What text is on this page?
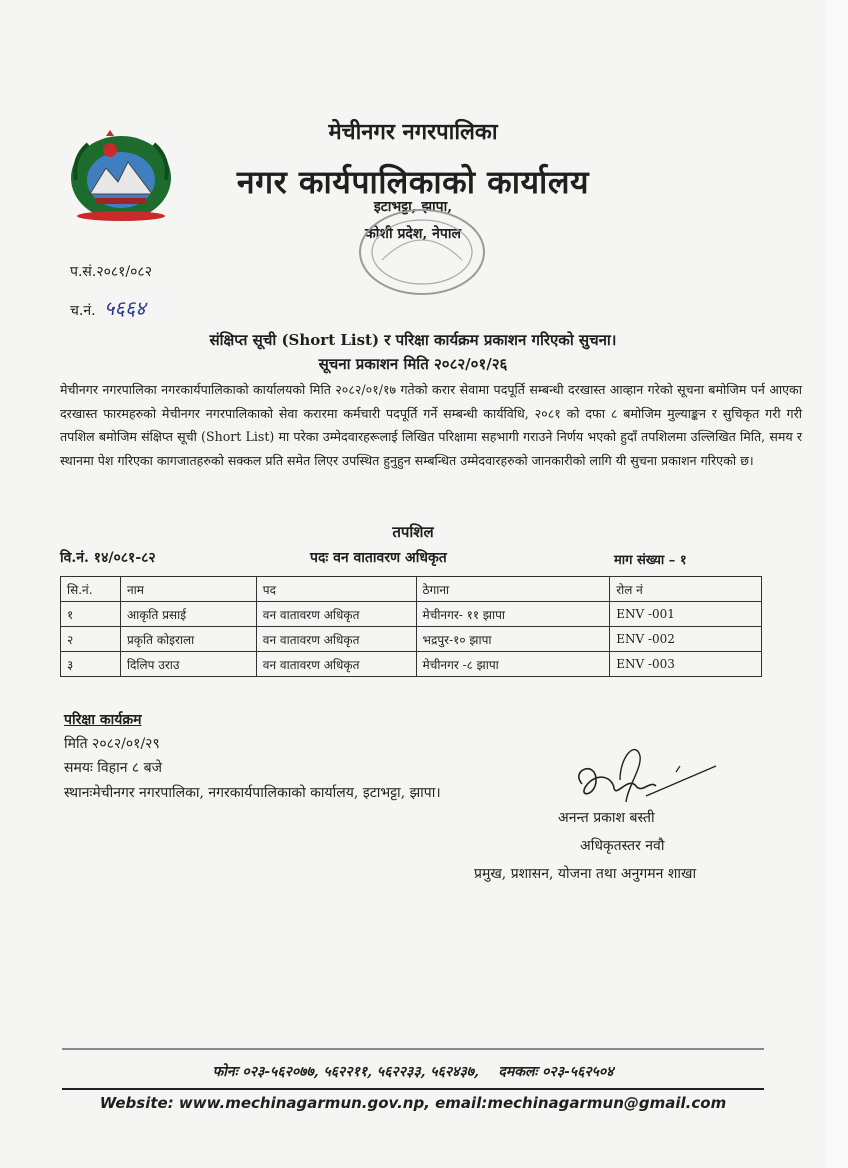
मेचीनगर नगरपालिका
नगर कार्यपालिकाको कार्यालय
इटाभट्टा, झापा,
कोशी प्रदेश, नेपाल
प.सं.२०८१/०८२
च.नं. ५६६४
संक्षिप्त सूची (Short List) र परिक्षा कार्यक्रम प्रकाशन गरिएको सुचना।
सूचना प्रकाशन मिति २०८२/०१/२६
मेचीनगर नगरपालिका नगरकार्यपालिकाको कार्यालयको मिति २०८२/०१/१७ गतेको करार सेवामा पदपूर्ति सम्बन्धी दरखास्त आव्हान गरेको सूचना बमोजिम पर्न आएका दरखास्त फारमहरुको मेचीनगर नगरपालिकाको सेवा करारमा कर्मचारी पदपूर्ति गर्ने सम्बन्धी कार्यविधि, २०८१ को दफा ८ बमोजिम मुल्याङ्कन र सुचिकृत गरी गरी तपशिल बमोजिम संक्षिप्त सूची (Short List) मा परेका उम्मेदवारहरूलाई लिखित परिक्षामा सहभागी गराउने निर्णय भएको हुदाँ तपशिलमा उल्लिखित मिति, समय र स्थानमा पेश गरिएका कागजातहरुको सक्कल प्रति समेत लिएर उपस्थित हुनुहुन सम्बन्धित उम्मेदवारहरुको जानकारीको लागि यी सुचना प्रकाशन गरिएको छ।
तपशिल
वि.नं. १४/०८१-८२	पदः वन वातावरण अधिकृत	माग संख्या – १
सि.नं.	नाम	पद	ठेगाना	रोल नं
१	आकृति प्रसाई	वन वातावरण अधिकृत	मेचीनगर- ११ झापा	ENV -001
२	प्रकृति कोइराला	वन वातावरण अधिकृत	भद्रपुर-१० झापा	ENV -002
३	दिलिप उराउ	वन वातावरण अधिकृत	मेचीनगर -८ झापा	ENV -003
परिक्षा कार्यक्रम
मिति २०८२/०१/२९
समयः विहान ८ बजे
स्थानःमेचीनगर नगरपालिका, नगरकार्यपालिकाको कार्यालय, इटाभट्टा, झापा।
अनन्त प्रकाश बस्ती
अधिकृतस्तर नवौ
प्रमुख, प्रशासन, योजना तथा अनुगमन शाखा
फोनः ०२३-५६२०७७, ५६२२११, ५६२२३३, ५६२४३७,    दमकलः ०२३-५६२५०४
Website: www.mechinagarmun.gov.np, email:mechinagarmun@gmail.com
